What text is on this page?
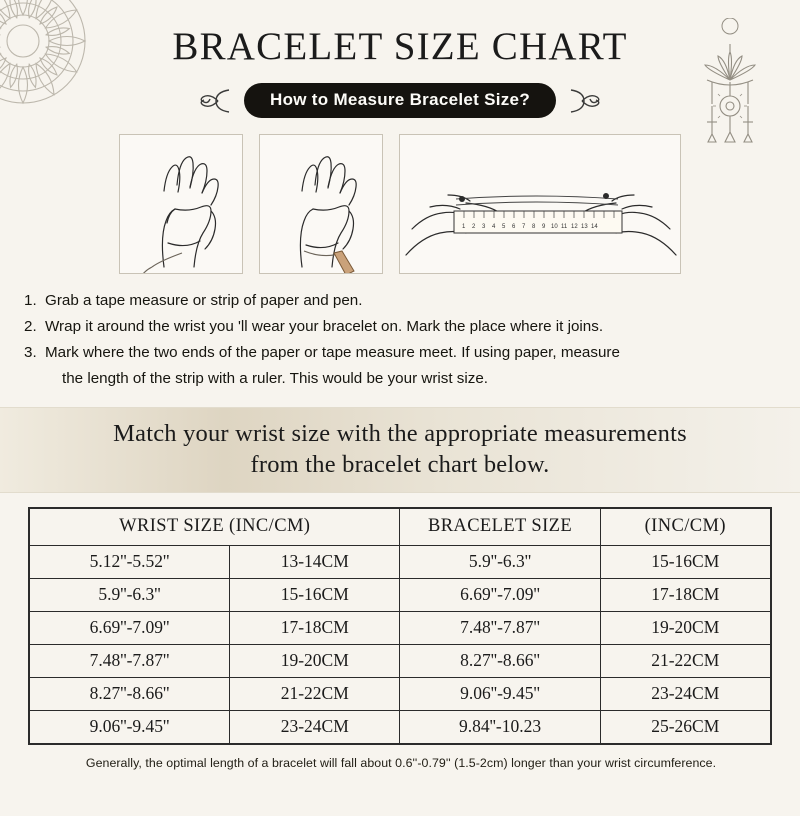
BRACELET SIZE CHART
How to Measure Bracelet Size?
1 2 3 4 5 6 7 8 9 10 11 12 13 14
1. Grab a tape measure or strip of paper and pen.
2. Wrap it around the wrist you 'll wear your bracelet on. Mark the place where it joins.
3. Mark where the two ends of the paper or tape measure meet. If using paper, measure
the length of the strip with a ruler. This would be your wrist size.
Match your wrist size with the appropriate measurements
from the bracelet chart below.
WRIST SIZE (INC/CM)		BRACELET SIZE	(INC/CM)
5.12''-5.52''	13-14CM	5.9''-6.3''	15-16CM
5.9''-6.3''	15-16CM	6.69''-7.09''	17-18CM
6.69''-7.09''	17-18CM	7.48''-7.87''	19-20CM
7.48''-7.87''	19-20CM	8.27''-8.66''	21-22CM
8.27''-8.66''	21-22CM	9.06''-9.45''	23-24CM
9.06''-9.45''	23-24CM	9.84''-10.23	25-26CM
Generally, the optimal length of a bracelet will fall about 0.6''-0.79'' (1.5-2cm) longer than your wrist circumference.
